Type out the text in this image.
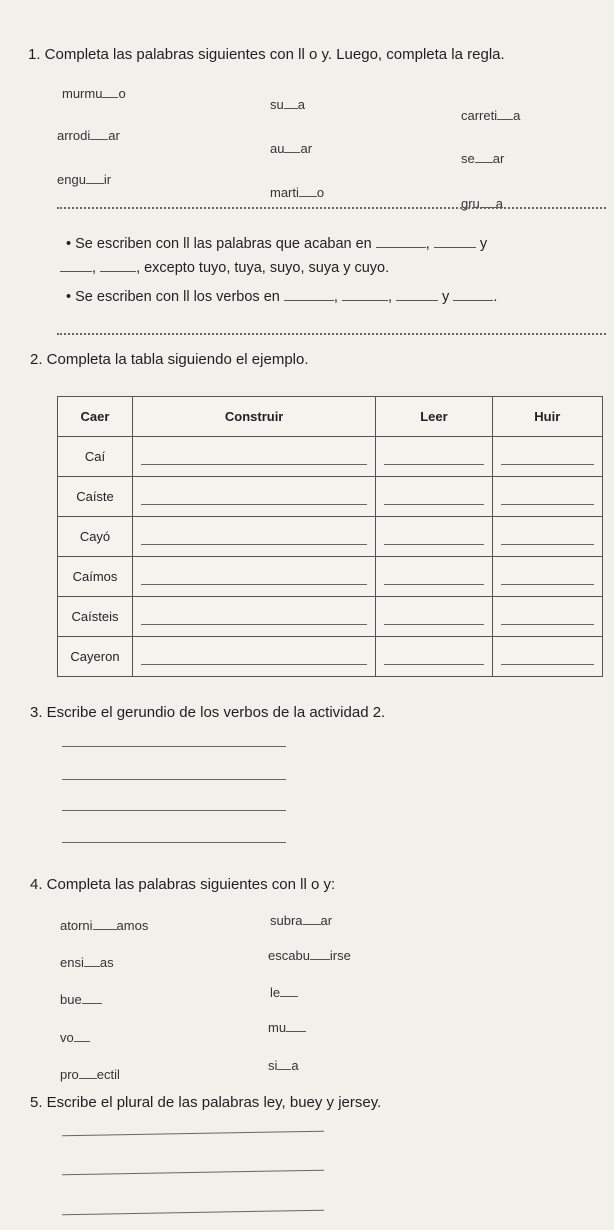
1. Completa las palabras siguientes con ll o y. Luego, completa la regla.
murmu o
su a
carreti a
arrodi ar
au ar
se ar
engu ir
marti o
gru a
• Se escriben con ll las palabras que acaban en	,	y
,	, excepto tuyo, tuya, suyo, suya y cuyo.
• Se escriben con ll los verbos en	,	,	y	.
2. Completa la tabla siguiendo el ejemplo.
Caer	Construir	Leer	Huir
Caí	

Caíste	

Cayó	

Caímos	

Caísteis	

Cayeron	

3. Escribe el gerundio de los verbos de la actividad 2.
4. Completa las palabras siguientes con ll o y:
atorni amos	subra ar
ensi as	escabu irse
bue	le
vo
mu
pro ectil
si a
5. Escribe el plural de las palabras ley, buey y jersey.
